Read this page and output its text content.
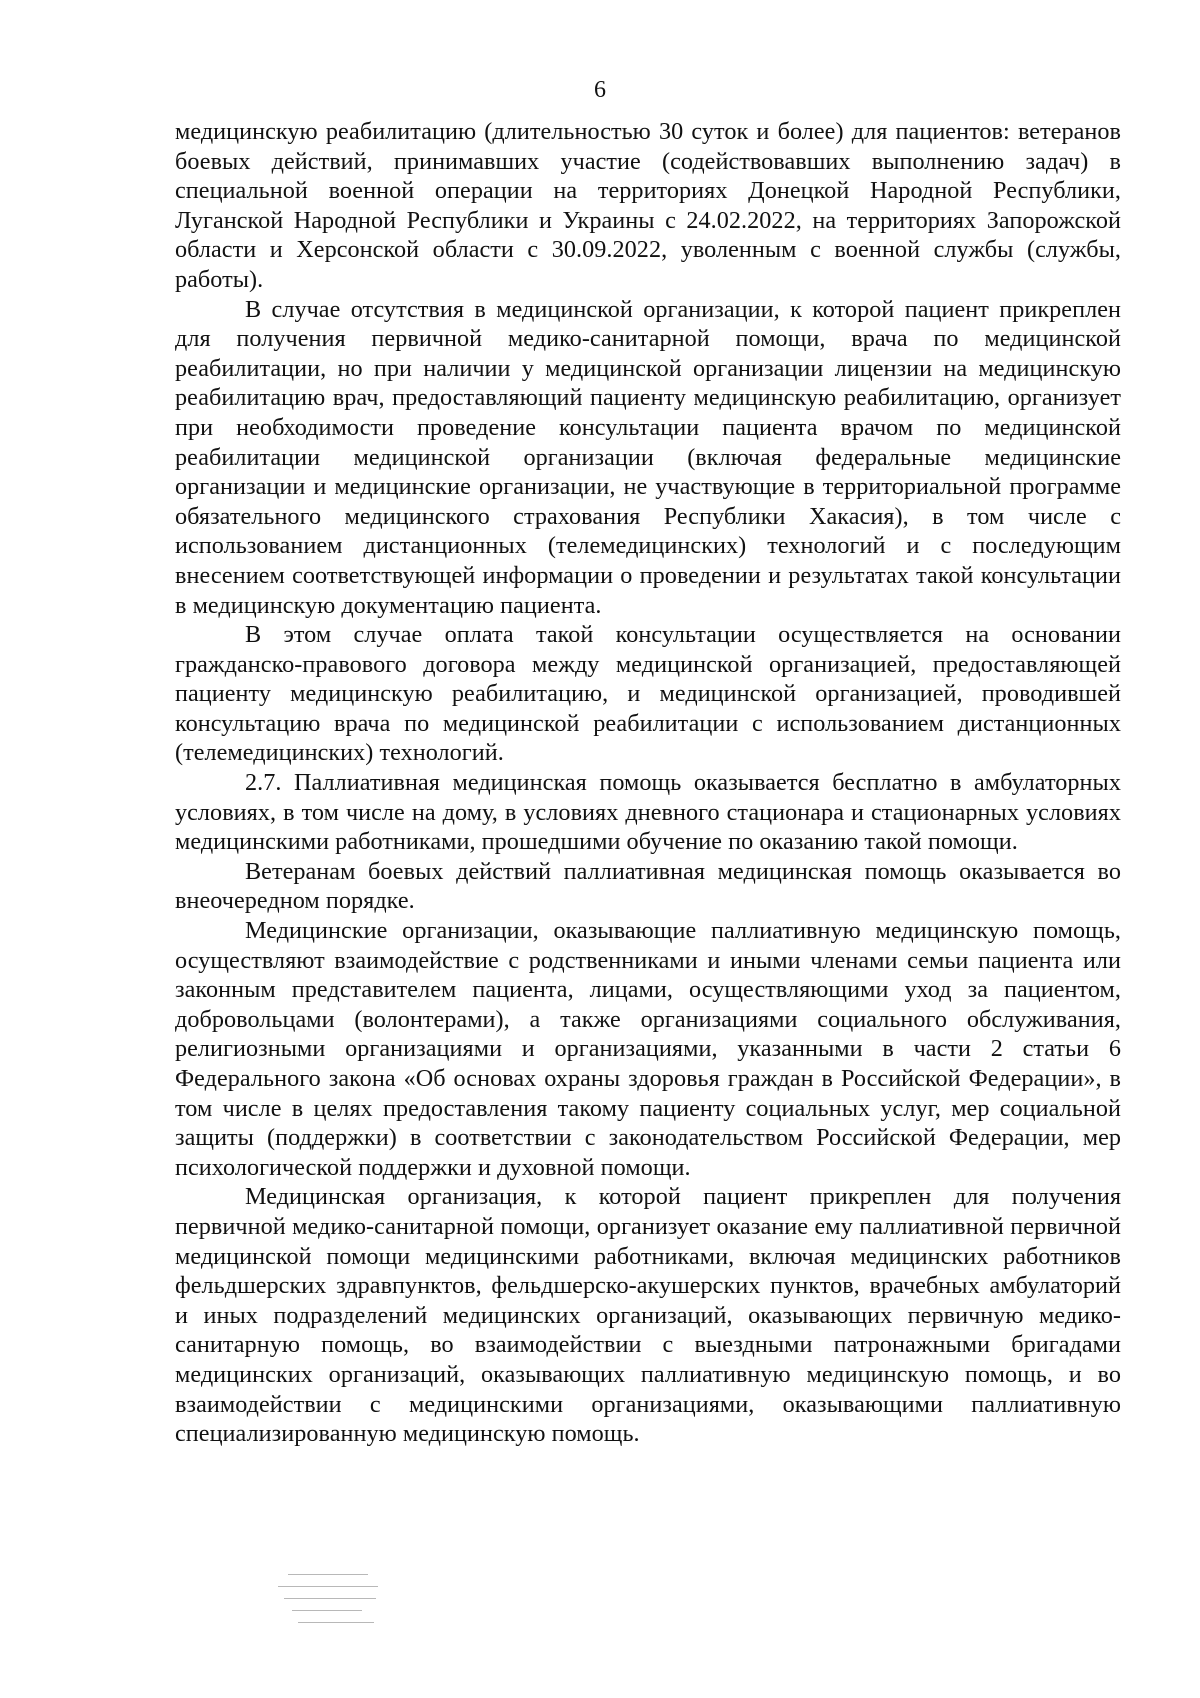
6

медицинскую реабилитацию (длительностью 30 суток и более) для пациентов: ветеранов боевых действий, принимавших участие (содействовавших выполнению задач) в специальной военной операции на территориях Донецкой Народной Республики, Луганской Народной Республики и Украины с 24.02.2022, на территориях Запорожской области и Херсонской области с 30.09.2022, уволенным с военной службы (службы, работы).

В случае отсутствия в медицинской организации, к которой пациент прикреплен для получения первичной медико-санитарной помощи, врача по медицинской реабилитации, но при наличии у медицинской организации лицензии на медицинскую реабилитацию врач, предоставляющий пациенту медицинскую реабилитацию, организует при необходимости проведение консультации пациента врачом по медицинской реабилитации медицинской организации (включая федеральные медицинские организации и медицинские организации, не участвующие в территориальной программе обязательного медицинского страхования Республики Хакасия), в том числе с использованием дистанционных (телемедицинских) технологий и с последующим внесением соответствующей информации о проведении и результатах такой консультации в медицинскую документацию пациента.

В этом случае оплата такой консультации осуществляется на основании гражданско-правового договора между медицинской организацией, предоставляющей пациенту медицинскую реабилитацию, и медицинской организацией, проводившей консультацию врача по медицинской реабилитации с использованием дистанционных (телемедицинских) технологий.

2.7. Паллиативная медицинская помощь оказывается бесплатно в амбулаторных условиях, в том числе на дому, в условиях дневного стационара и стационарных условиях медицинскими работниками, прошедшими обучение по оказанию такой помощи.

Ветеранам боевых действий паллиативная медицинская помощь оказывается во внеочередном порядке.

Медицинские организации, оказывающие паллиативную медицинскую помощь, осуществляют взаимодействие с родственниками и иными членами семьи пациента или законным представителем пациента, лицами, осуществляющими уход за пациентом, добровольцами (волонтерами), а также организациями социального обслуживания, религиозными организациями и организациями, указанными в части 2 статьи 6 Федерального закона «Об основах охраны здоровья граждан в Российской Федерации», в том числе в целях предоставления такому пациенту социальных услуг, мер социальной защиты (поддержки) в соответствии с законодательством Российской Федерации, мер психологической поддержки и духовной помощи.

Медицинская организация, к которой пациент прикреплен для получения первичной медико-санитарной помощи, организует оказание ему паллиативной первичной медицинской помощи медицинскими работниками, включая медицинских работников фельдшерских здравпунктов, фельдшерско-акушерских пунктов, врачебных амбулаторий и иных подразделений медицинских организаций, оказывающих первичную медико-санитарную помощь, во взаимодействии с выездными патронажными бригадами медицинских организаций, оказывающих паллиативную медицинскую помощь, и во взаимодействии с медицинскими организациями, оказывающими паллиативную специализированную медицинскую помощь.
